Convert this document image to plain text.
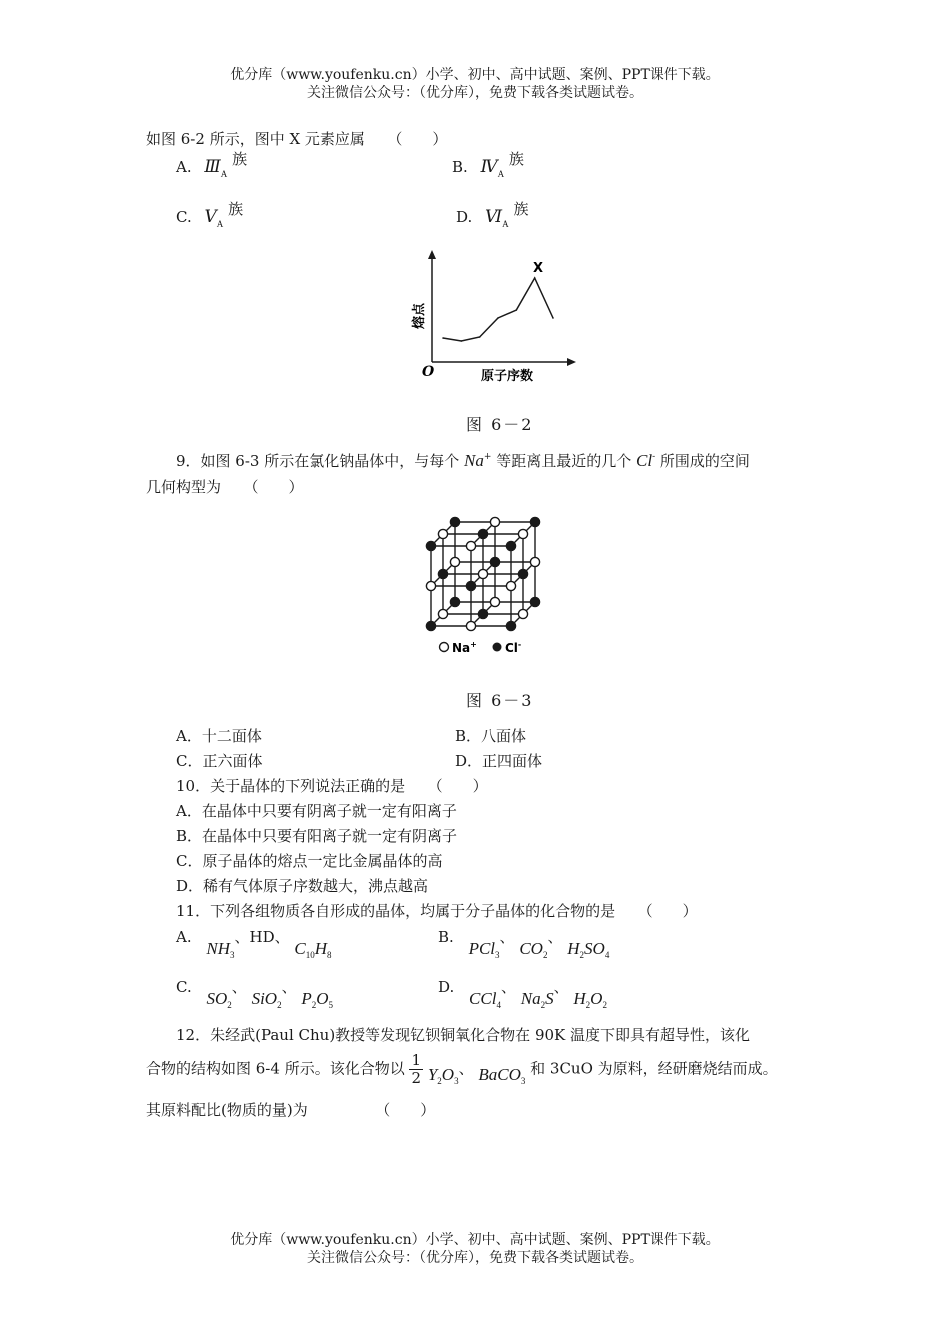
优分库（www.youfenku.cn）小学、初中、高中试题、案例、PPT课件下载。
关注微信公众号：（优分库），免费下载各类试题试卷。
如图 6-2 所示，图中 X 元素应属　　（　　）
A. $Ⅲ_A$ 族	B. $Ⅳ_A$ 族
C. $Ⅴ_A$ 族	D. $Ⅵ_A$ 族
X
O	原子序数
熔点
图 6－2
9．如图 6-3 所示在氯化钠晶体中，与每个 Na+ 等距离且最近的几个 Cl- 所围成的空间
几何构型为　　（　　）
Na+ Cl-
图 6－3
A．十二面体	B．八面体
C．正六面体	D．正四面体
10．关于晶体的下列说法正确的是　　（　　）
A．在晶体中只要有阴离子就一定有阳离子
B．在晶体中只要有阳离子就一定有阴离子
C．原子晶体的熔点一定比金属晶体的高
D．稀有气体原子序数越大，沸点越高
11．下列各组物质各自形成的晶体，均属于分子晶体的化合物的是　　（　　）
A. $NH_3$、HD、 $C_{10}H_8$
B. PCl$_3$、 $CO_2$、 $H_2SO_4$
C. $SO_2$、 SiO$_2$、 $P_2O_5$
D. CCl$_4$、 $Na_2S$、 $H_2O_2$
12．朱经武(Paul Chu)教授等发现钇钡铜氧化合物在 90K 温度下即具有超导性，该化
合物的结构如图 6-4 所示。该化合物以 $\frac{1}{2} Y_2O_3$、 BaCO$_3$ 和 3CuO 为原料，经研磨烧结而成。
其原料配比(物质的量)为　　　　　（　　）
优分库（www.youfenku.cn）小学、初中、高中试题、案例、PPT课件下载。
关注微信公众号：（优分库），免费下载各类试题试卷。
